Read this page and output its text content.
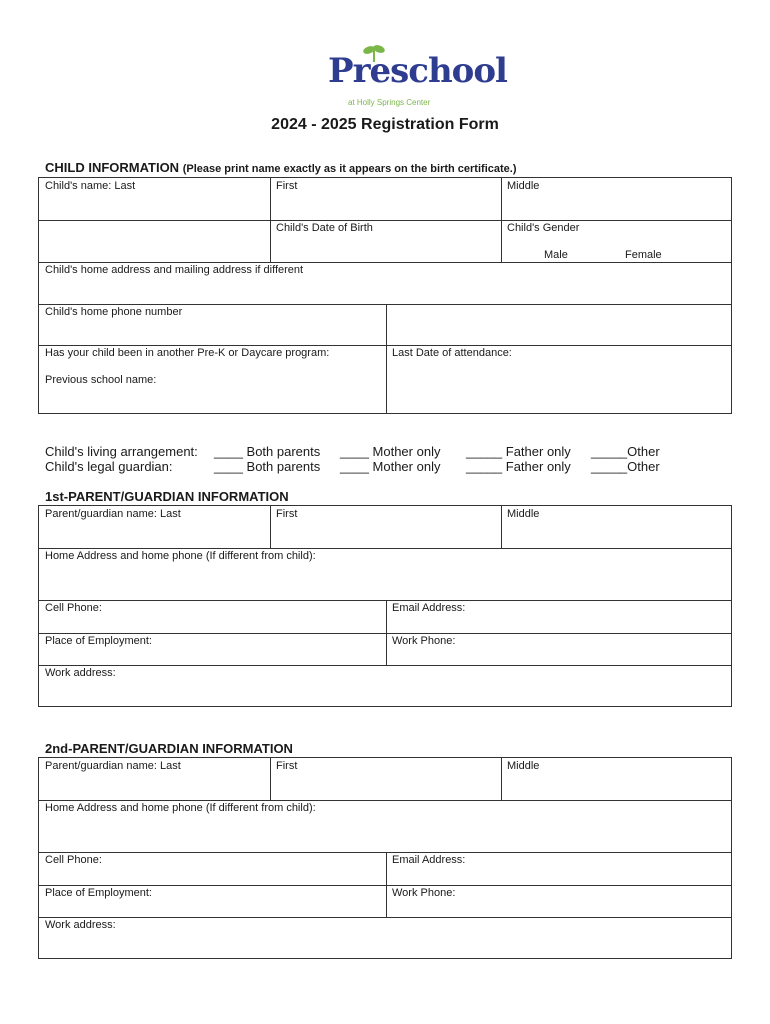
Preschool
at Holly Springs Center
2024 - 2025 Registration Form
CHILD INFORMATION (Please print name exactly as it appears on the birth certificate.)
Child's name: Last	First	Middle
Child's Date of Birth	Child's Gender
Male	Female
Child's home address and mailing address if different
Child's home phone number
Has your child been in another Pre-K or Daycare program:
Previous school name:
Last Date of attendance:
Child's living arrangement: ____ Both parents ____ Mother only _____ Father only _____Other
Child's legal guardian:	____ Both parents ____ Mother only _____ Father only _____Other
1st-PARENT/GUARDIAN INFORMATION
Parent/guardian name: Last	First	Middle
Home Address and home phone (If different from child):
Cell Phone:	Email Address:
Place of Employment:	Work Phone:
Work address:
2nd-PARENT/GUARDIAN INFORMATION
Parent/guardian name: Last	First	Middle
Home Address and home phone (If different from child):
Cell Phone:	Email Address:
Place of Employment:	Work Phone:
Work address:
